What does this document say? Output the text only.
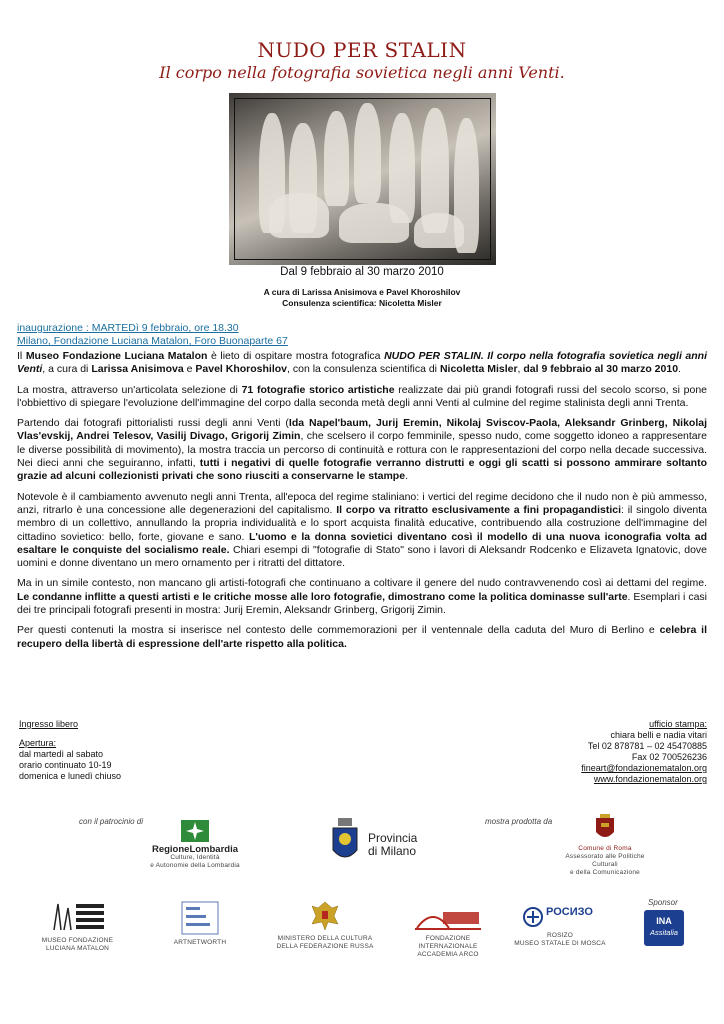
NUDO PER STALIN
Il corpo nella fotografia sovietica negli anni Venti.
Dal 9 febbraio al 30 marzo 2010
A cura di Larissa Anisimova e Pavel Khoroshilov
Consulenza scientifica: Nicoletta Misler
inaugurazione : MARTEDì 9 febbraio, ore 18.30
Milano, Fondazione Luciana Matalon, Foro Buonaparte 67

Il Museo Fondazione Luciana Matalon è lieto di ospitare mostra fotografica NUDO PER STALIN. Il corpo nella fotografia sovietica negli anni Venti, a cura di Larissa Anisimova e Pavel Khoroshilov, con la consulenza scientifica di Nicoletta Misler, dal 9 febbraio al 30 marzo 2010.

La mostra, attraverso un'articolata selezione di 71 fotografie storico artistiche realizzate dai più grandi fotografi russi del secolo scorso, si pone l'obbiettivo di spiegare l'evoluzione dell'immagine del corpo dalla seconda metà degli anni Venti al culmine del regime stalinista degli anni Trenta.

Partendo dai fotografi pittorialisti russi degli anni Venti (Ida Napel'baum, Jurij Eremin, Nikolaj Sviscov-Paola, Aleksandr Grinberg, Nikolaj Vlas'evskij, Andrei Telesov, Vasilij Divago, Grigorij Zimin, che scelsero il corpo femminile, spesso nudo, come soggetto idoneo a rappresentare le diverse possibilità di movimento), la mostra traccia un percorso di continuità e rottura con le rappresentazioni del corpo nella decade successiva. Nei dieci anni che seguiranno, infatti, tutti i negativi di quelle fotografie verranno distrutti e oggi gli scatti si possono ammirare soltanto grazie ad alcuni collezionisti privati che sono riusciti a conservarne le stampe.

Notevole è il cambiamento avvenuto negli anni Trenta, all'epoca del regime staliniano: i vertici del regime decidono che il nudo non è più ammesso, anzi, ritrarlo è una concessione alle degenerazioni del capitalismo. Il corpo va ritratto esclusivamente a fini propagandistici: il singolo diventa membro di un collettivo, annullando la propria individualità e lo sport acquista finalità educative, contribuendo alla costruzione dell'immagine del cittadino sovietico: bello, forte, giovane e sano. L'uomo e la donna sovietici diventano così il modello di una nuova iconografia volta ad esaltare le conquiste del socialismo reale. Chiari esempi di "fotografie di Stato" sono i lavori di Aleksandr Rodcenko e Elizaveta Ignatovic, dove uomini e donne diventano un mero ornamento per i ritratti del dittatore.

Ma in un simile contesto, non mancano gli artisti-fotografi che continuano a coltivare il genere del nudo contravvenendo così ai dettami del regime. Le condanne inflitte a questi artisti e le critiche mosse alle loro fotografie, dimostrano come la politica dominasse sull'arte. Esemplari i casi dei tre principali fotografi presenti in mostra: Jurij Eremin, Aleksandr Grinberg, Grigorij Zimin.

Per questi contenuti la mostra si inserisce nel contesto delle commemorazioni per il ventennale della caduta del Muro di Berlino e celebra il recupero della libertà di espressione dell'arte rispetto alla politica.

Ingresso libero
Apertura:
dal martedì al sabato
orario continuato 10-19
domenica e lunedì chiuso
ufficio stampa:
chiara belli e nadia vitari
Tel 02 878781 – 02 45470885
Fax 02 700526236
fineart@fondazionematalon.org
www.fondazionematalon.org
con il patrocinio di	mostra prodotta da
Sponsor
RegioneLombardia
Culture, Identità
e Autonomie della Lombardia
Provincia
di Milano	Comune di Roma
Assessorato alle Politiche Culturali
e della Comunicazione
MUSEO FONDAZIONE
LUCIANA MATALON
ARTNETWORTH
MINISTERO DELLA CULTURA
DELLA FEDERAZIONE RUSSA
FONDAZIONE INTERNAZIONALE
ACCADEMIA ARCO
РОСИЗО
ROSIZO
MUSEO STATALE DI MOSCA
INA
Assitalia
